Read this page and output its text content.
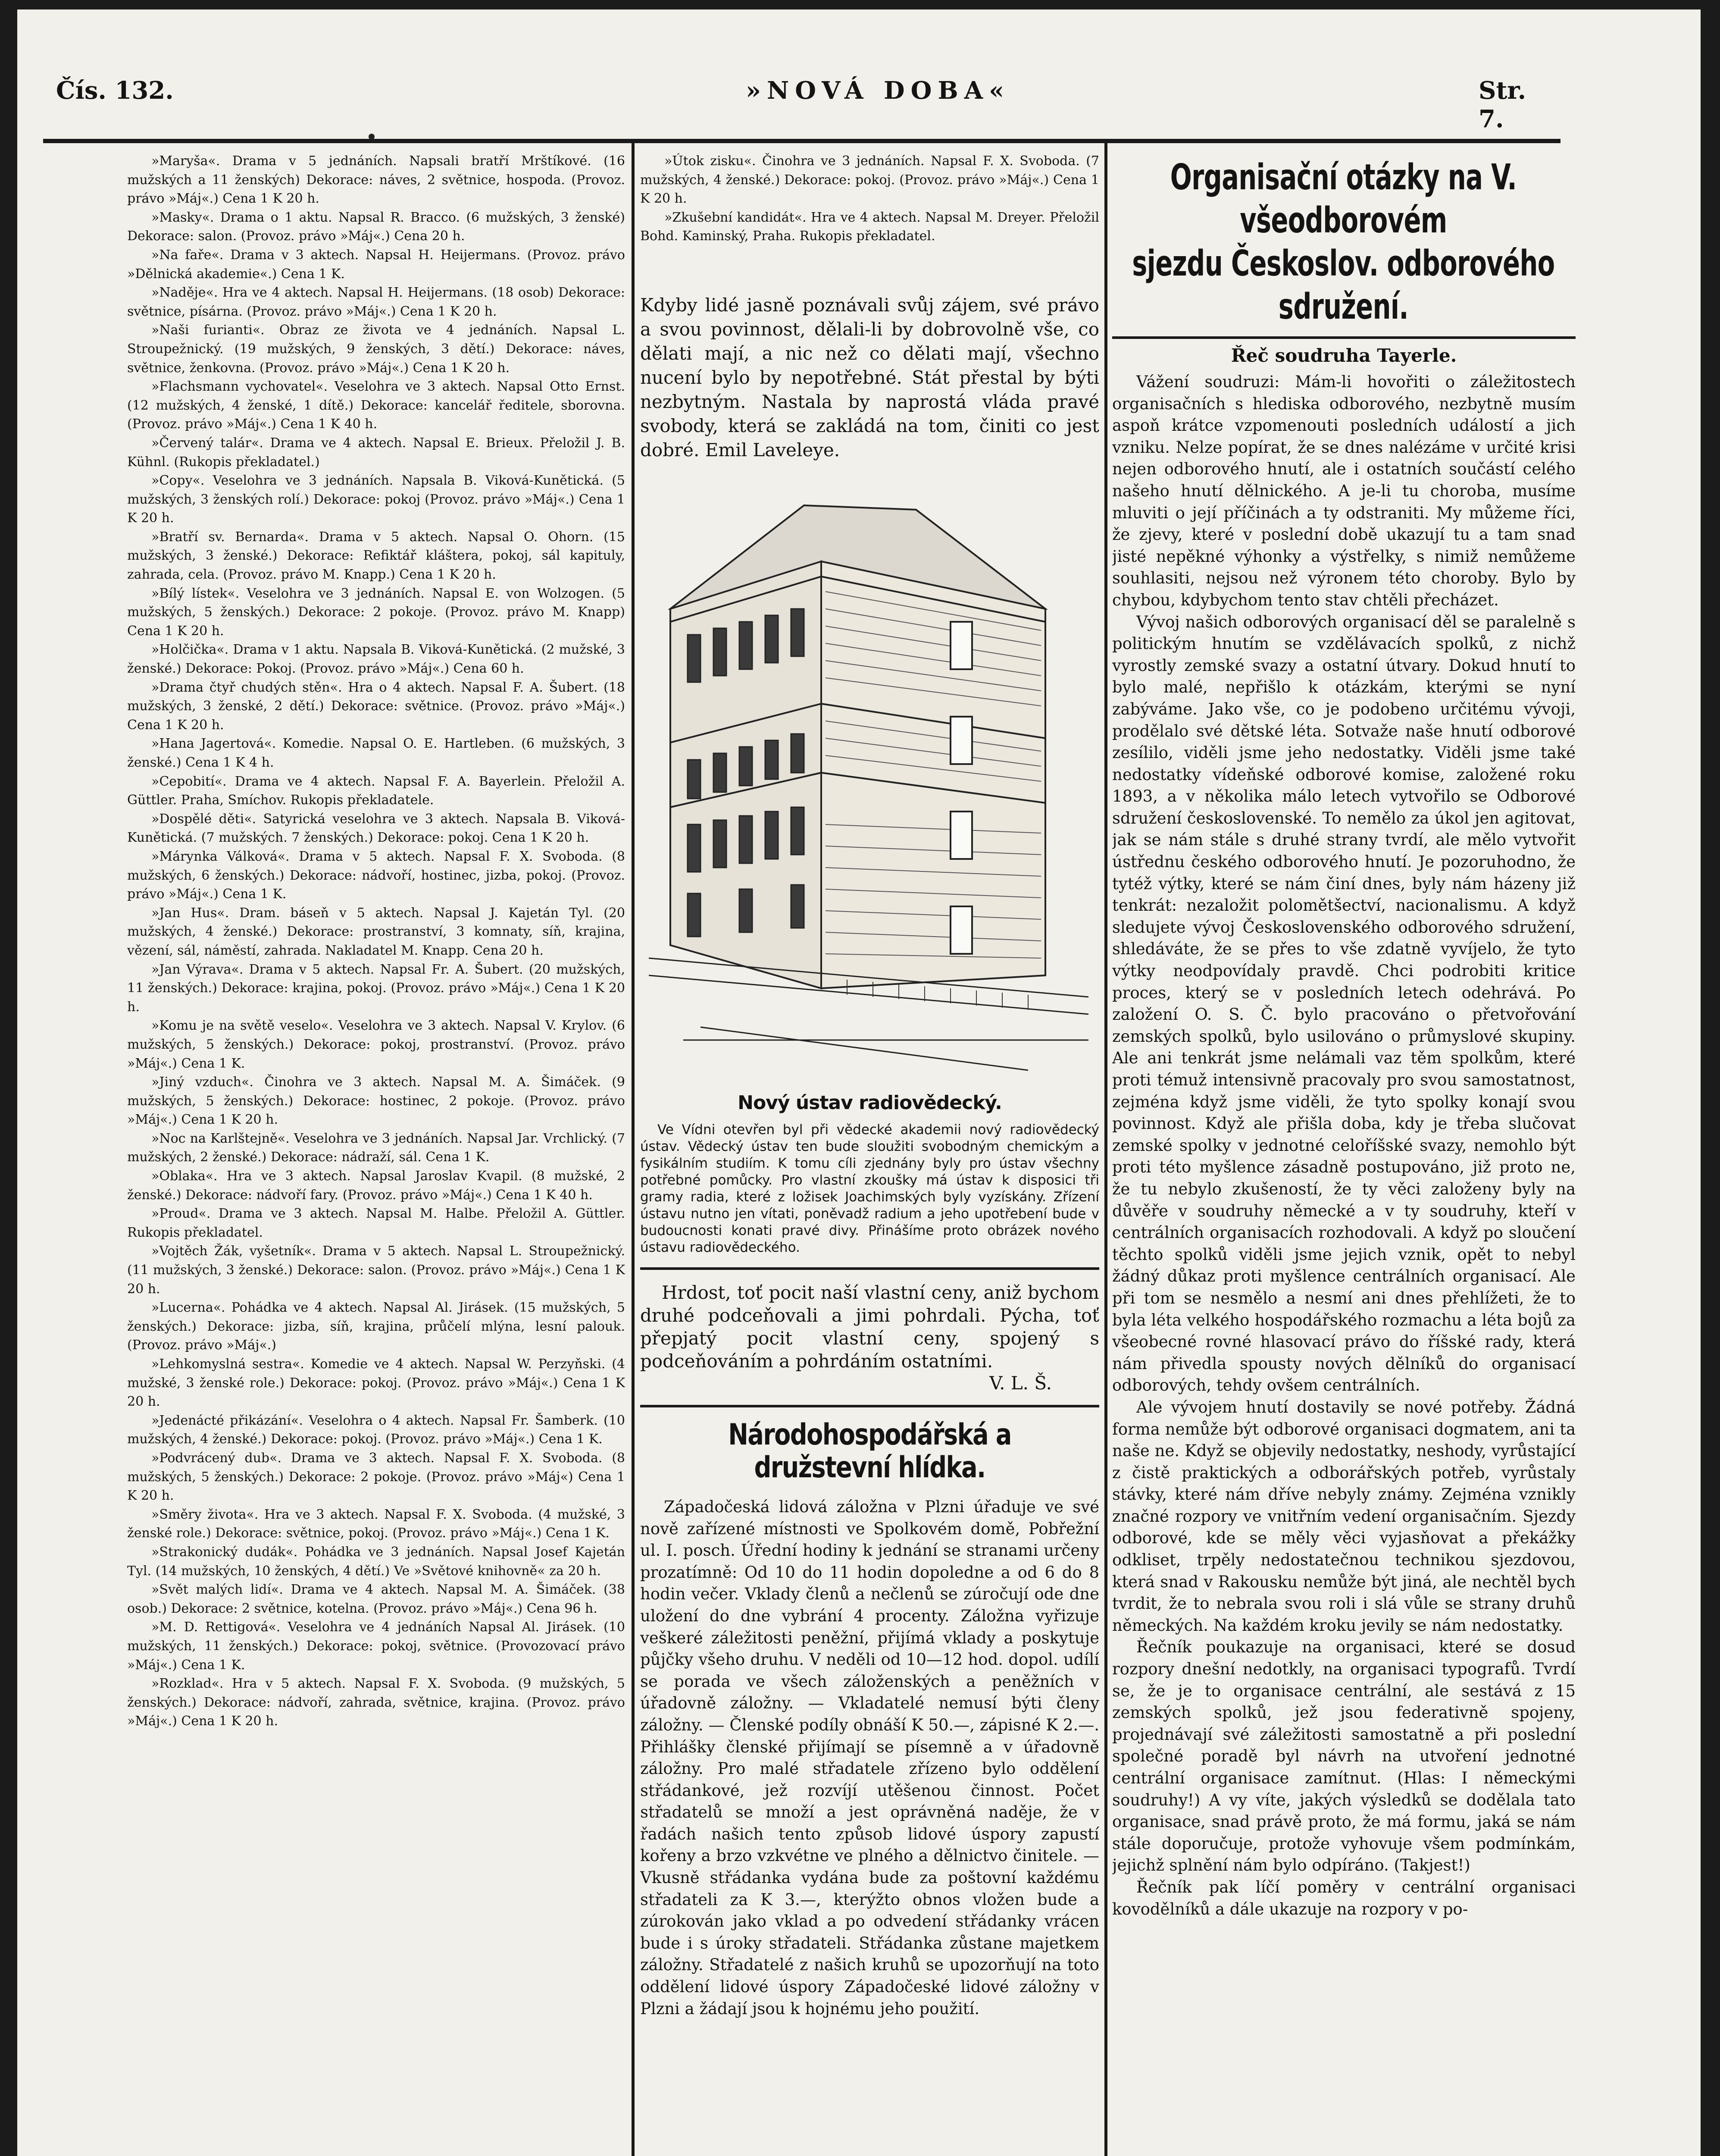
Čís. 132.	»NOVÁ DOBA«	Str. 7.

»Maryša«. Drama v 5 jednáních. Napsali bratří Mrštíkové. (16 mužských a 11 ženských) Dekorace: náves, 2 světnice, hospoda. (Provoz. právo »Máj«.) Cena 1 K 20 h.

»Masky«. Drama o 1 aktu. Napsal R. Bracco. (6 mužských, 3 ženské) Dekorace: salon. (Provoz. právo »Máj«.) Cena 20 h.

»Na faře«. Drama v 3 aktech. Napsal H. Heijermans. (Provoz. právo »Dělnická akademie«.) Cena 1 K.

»Naděje«. Hra ve 4 aktech. Napsal H. Heijermans. (18 osob) Dekorace: světnice, písárna. (Provoz. právo »Máj«.) Cena 1 K 20 h.

»Naši furianti«. Obraz ze života ve 4 jednáních. Napsal L. Stroupežnický. (19 mužských, 9 ženských, 3 dětí.) Dekorace: náves, světnice, ženkovna. (Provoz. právo »Máj«.) Cena 1 K 20 h.

»Flachsmann vychovatel«. Veselohra ve 3 aktech. Napsal Otto Ernst. (12 mužských, 4 ženské, 1 dítě.) Dekorace: kancelář ředitele, sborovna. (Provoz. právo »Máj«.) Cena 1 K 40 h.

»Červený talár«. Drama ve 4 aktech. Napsal E. Brieux. Přeložil J. B. Kühnl. (Rukopis překladatel.)

»Copy«. Veselohra ve 3 jednáních. Napsala B. Viková-Kunětická. (5 mužských, 3 ženských rolí.) Dekorace: pokoj (Provoz. právo »Máj«.) Cena 1 K 20 h.

»Bratří sv. Bernarda«. Drama v 5 aktech. Napsal O. Ohorn. (15 mužských, 3 ženské.) Dekorace: Refiktář kláštera, pokoj, sál kapituly, zahrada, cela. (Provoz. právo M. Knapp.) Cena 1 K 20 h.

»Bílý lístek«. Veselohra ve 3 jednáních. Napsal E. von Wolzogen. (5 mužských, 5 ženských.) Dekorace: 2 pokoje. (Provoz. právo M. Knapp) Cena 1 K 20 h.

»Holčička«. Drama v 1 aktu. Napsala B. Viková-Kunětická. (2 mužské, 3 ženské.) Dekorace: Pokoj. (Provoz. právo »Máj«.) Cena 60 h.

»Drama čtyř chudých stěn«. Hra o 4 aktech. Napsal F. A. Šubert. (18 mužských, 3 ženské, 2 dětí.) Dekorace: světnice. (Provoz. právo »Máj«.) Cena 1 K 20 h.

»Hana Jagertová«. Komedie. Napsal O. E. Hartleben. (6 mužských, 3 ženské.) Cena 1 K 4 h.

»Cepobití«. Drama ve 4 aktech. Napsal F. A. Bayerlein. Přeložil A. Güttler. Praha, Smíchov. Rukopis překladatele.

»Dospělé děti«. Satyrická veselohra ve 3 aktech. Napsala B. Viková-Kunětická. (7 mužských. 7 ženských.) Dekorace: pokoj. Cena 1 K 20 h.

»Márynka Válková«. Drama v 5 aktech. Napsal F. X. Svoboda. (8 mužských, 6 ženských.) Dekorace: nádvoří, hostinec, jizba, pokoj. (Provoz. právo »Máj«.) Cena 1 K.

»Jan Hus«. Dram. báseň v 5 aktech. Napsal J. Kajetán Tyl. (20 mužských, 4 ženské.) Dekorace: prostranství, 3 komnaty, síň, krajina, vězení, sál, náměstí, zahrada. Nakladatel M. Knapp. Cena 20 h.

»Jan Výrava«. Drama v 5 aktech. Napsal Fr. A. Šubert. (20 mužských, 11 ženských.) Dekorace: krajina, pokoj. (Provoz. právo »Máj«.) Cena 1 K 20 h.

»Komu je na světě veselo«. Veselohra ve 3 aktech. Napsal V. Krylov. (6 mužských, 5 ženských.) Dekorace: pokoj, prostranství. (Provoz. právo »Máj«.) Cena 1 K.

»Jiný vzduch«. Činohra ve 3 aktech. Napsal M. A. Šimáček. (9 mužských, 5 ženských.) Dekorace: hostinec, 2 pokoje. (Provoz. právo »Máj«.) Cena 1 K 20 h.

»Noc na Karlštejně«. Veselohra ve 3 jednáních. Napsal Jar. Vrchlický. (7 mužských, 2 ženské.) Dekorace: nádraží, sál. Cena 1 K.

»Oblaka«. Hra ve 3 aktech. Napsal Jaroslav Kvapil. (8 mužské, 2 ženské.) Dekorace: nádvoří fary. (Provoz. právo »Máj«.) Cena 1 K 40 h.

»Proud«. Drama ve 3 aktech. Napsal M. Halbe. Přeložil A. Güttler. Rukopis překladatel.

»Vojtěch Žák, vyšetník«. Drama v 5 aktech. Napsal L. Stroupežnický. (11 mužských, 3 ženské.) Dekorace: salon. (Provoz. právo »Máj«.) Cena 1 K 20 h.

»Lucerna«. Pohádka ve 4 aktech. Napsal Al. Jirásek. (15 mužských, 5 ženských.) Dekorace: jizba, síň, krajina, průčelí mlýna, lesní palouk. (Provoz. právo »Máj«.)

»Lehkomyslná sestra«. Komedie ve 4 aktech. Napsal W. Perzyňski. (4 mužské, 3 ženské role.) Dekorace: pokoj. (Provoz. právo »Máj«.) Cena 1 K 20 h.

»Jedenácté přikázání«. Veselohra o 4 aktech. Napsal Fr. Šamberk. (10 mužských, 4 ženské.) Dekorace: pokoj. (Provoz. právo »Máj«.) Cena 1 K.

»Podvrácený dub«. Drama ve 3 aktech. Napsal F. X. Svoboda. (8 mužských, 5 ženských.) Dekorace: 2 pokoje. (Provoz. právo »Máj«) Cena 1 K 20 h.

»Směry života«. Hra ve 3 aktech. Napsal F. X. Svoboda. (4 mužské, 3 ženské role.) Dekorace: světnice, pokoj. (Provoz. právo »Máj«.) Cena 1 K.

»Strakonický dudák«. Pohádka ve 3 jednáních. Napsal Josef Kajetán Tyl. (14 mužských, 10 ženských, 4 dětí.) Ve »Světové knihovně« za 20 h.

»Svět malých lidí«. Drama ve 4 aktech. Napsal M. A. Šimáček. (38 osob.) Dekorace: 2 světnice, kotelna. (Provoz. právo »Máj«.) Cena 96 h.

»M. D. Rettigová«. Veselohra ve 4 jednáních Napsal Al. Jirásek. (10 mužských, 11 ženských.) Dekorace: pokoj, světnice. (Provozovací právo »Máj«.) Cena 1 K.

»Rozklad«. Hra v 5 aktech. Napsal F. X. Svoboda. (9 mužských, 5 ženských.) Dekorace: nádvoří, zahrada, světnice, krajina. (Provoz. právo »Máj«.) Cena 1 K 20 h.

»Útok zisku«. Činohra ve 3 jednáních. Napsal F. X. Svoboda. (7 mužských, 4 ženské.) Dekorace: pokoj. (Provoz. právo »Máj«.) Cena 1 K 20 h.

»Zkušební kandidát«. Hra ve 4 aktech. Napsal M. Dreyer. Přeložil Bohd. Kaminský, Praha. Rukopis překladatel.

Kdyby lidé jasně poznávali svůj zájem, své právo a svou povinnost, dělali-li by dobrovolně vše, co dělati mají, a nic než co dělati mají, všechno nucení bylo by nepotřebné. Stát přestal by býti nezbytným. Nastala by naprostá vláda pravé svobody, která se zakládá na tom, činiti co jest dobré. Emil Laveleye.
Nový ústav radiovědecký.
Ve Vídni otevřen byl při vědecké akademii nový radiovědecký ústav. Vědecký ústav ten bude sloužiti svobodným chemickým a fysikálním studiím. K tomu cíli zjednány byly pro ústav všechny potřebné pomůcky. Pro vlastní zkoušky má ústav k disposici tři gramy radia, které z ložisek Joachimských byly vyzískány. Zřízení ústavu nutno jen vítati, poněvadž radium a jeho upotřebení bude v budoucnosti konati pravé divy. Přinášíme proto obrázek nového ústavu radiovědeckého.
Hrdost, toť pocit naší vlastní ceny, aniž bychom druhé podceňovali a jimi pohrdali. Pýcha, toť přepjatý pocit vlastní ceny, spojený s podceňováním a pohrdáním ostatními.
V. L. Š.
Národohospodářská a družstevní hlídka.
Západočeská lidová záložna v Plzni úřaduje ve své nově zařízené místnosti ve Spolkovém domě, Pobřežní ul. I. posch. Úřední hodiny k jednání se stranami určeny prozatímně: Od 10 do 11 hodin dopoledne a od 6 do 8 hodin večer. Vklady členů a nečlenů se zúročují ode dne uložení do dne vybrání 4 procenty. Záložna vyřizuje veškeré záležitosti peněžní, přijímá vklady a poskytuje půjčky všeho druhu. V neděli od 10—12 hod. dopol. udílí se porada ve všech záloženských a peněžních v úřadovně záložny. — Vkladatelé nemusí býti členy záložny. — Členské podíly obnáší K 50.—, zápisné K 2.—. Přihlášky členské přijímají se písemně a v úřadovně záložny. Pro malé střadatele zřízeno bylo oddělení střádankové, jež rozvíjí utěšenou činnost. Počet střadatelů se množí a jest oprávněná naděje, že v řadách našich tento způsob lidové úspory zapustí kořeny a brzo vzkvétne ve plného a dělnictvo činitele. — Vkusně střádanka vydána bude za poštovní každému střadateli za K 3.—, kterýžto obnos vložen bude a zúrokován jako vklad a po odvedení střádanky vrácen bude i s úroky střadateli. Střádanka zůstane majetkem záložny. Střadatelé z našich kruhů se upozorňují na toto oddělení lidové úspory Západočeské lidové záložny v Plzni a žádají jsou k hojnému jeho použití.
Organisační otázky na V. všeodborovém
sjezdu Českoslov. odborového sdružení.
Řeč soudruha Tayerle.

Vážení soudruzi: Mám-li hovořiti o záležitostech organisačních s hlediska odborového, nezbytně musím aspoň krátce vzpomenouti posledních událostí a jich vzniku. Nelze popírat, že se dnes nalézáme v určité krisi nejen odborového hnutí, ale i ostatních součástí celého našeho hnutí dělnického. A je-li tu choroba, musíme mluviti o její příčinách a ty odstraniti. My můžeme říci, že zjevy, které v poslední době ukazují tu a tam snad jisté nepěkné výhonky a výstřelky, s nimiž nemůžeme souhlasiti, nejsou než výronem této choroby. Bylo by chybou, kdybychom tento stav chtěli přecházet.

Vývoj našich odborových organisací děl se paralelně s politickým hnutím se vzdělávacích spolků, z nichž vyrostly zemské svazy a ostatní útvary. Dokud hnutí to bylo malé, nepřišlo k otázkám, kterými se nyní zabýváme. Jako vše, co je podobeno určitému vývoji, prodělalo své dětské léta. Sotvaže naše hnutí odborové zesílilo, viděli jsme jeho nedostatky. Viděli jsme také nedostatky vídeňské odborové komise, založené roku 1893, a v několika málo letech vytvořilo se Odborové sdružení československé. To nemělo za úkol jen agitovat, jak se nám stále s druhé strany tvrdí, ale mělo vytvořit ústřednu českého odborového hnutí. Je pozoruhodno, že tytéž výtky, které se nám činí dnes, byly nám házeny již tenkrát: nezaložit polomětšectví, nacionalismu. A když sledujete vývoj Československého odborového sdružení, shledáváte, že se přes to vše zdatně vyvíjelo, že tyto výtky neodpovídaly pravdě. Chci podrobiti kritice proces, který se v posledních letech odehrává. Po založení O. S. Č. bylo pracováno o přetvořování zemských spolků, bylo usilováno o průmyslové skupiny. Ale ani tenkrát jsme nelámali vaz těm spolkům, které proti témuž intensivně pracovaly pro svou samostatnost, zejména když jsme viděli, že tyto spolky konají svou povinnost. Když ale přišla doba, kdy je třeba slučovat zemské spolky v jednotné celoříšské svazy, nemohlo být proti této myšlence zásadně postupováno, již proto ne, že tu nebylo zkušeností, že ty věci založeny byly na důvěře v soudruhy německé a v ty soudruhy, kteří v centrálních organisacích rozhodovali. A když po sloučení těchto spolků viděli jsme jejich vznik, opět to nebyl žádný důkaz proti myšlence centrálních organisací. Ale při tom se nesmělo a nesmí ani dnes přehlížeti, že to byla léta velkého hospodářského rozmachu a léta bojů za všeobecné rovné hlasovací právo do říšské rady, která nám přivedla spousty nových dělníků do organisací odborových, tehdy ovšem centrálních.

Ale vývojem hnutí dostavily se nové potřeby. Žádná forma nemůže být odborové organisaci dogmatem, ani ta naše ne. Když se objevily nedostatky, neshody, vyrůstající z čistě praktických a odborářských potřeb, vyrůstaly stávky, které nám dříve nebyly známy. Zejména vznikly značné rozpory ve vnitřním vedení organisačním. Sjezdy odborové, kde se měly věci vyjasňovat a překážky odkliset, trpěly nedostatečnou technikou sjezdovou, která snad v Rakousku nemůže být jiná, ale nechtěl bych tvrdit, že to nebrala svou roli i slá vůle se strany druhů německých. Na každém kroku jevily se nám nedostatky.

Řečník poukazuje na organisaci, které se dosud rozpory dnešní nedotkly, na organisaci typografů. Tvrdí se, že je to organisace centrální, ale sestává z 15 zemských spolků, jež jsou federativně spojeny, projednávají své záležitosti samostatně a při poslední společné poradě byl návrh na utvoření jednotné centrální organisace zamítnut. (Hlas: I německými soudruhy!) A vy víte, jakých výsledků se dodělala tato organisace, snad právě proto, že má formu, jaká se nám stále doporučuje, protože vyhovuje všem podmínkám, jejichž splnění nám bylo odpíráno. (Takjest!)

Řečník pak líčí poměry v centrální organisaci kovodělníků a dále ukazuje na rozpory v po-
